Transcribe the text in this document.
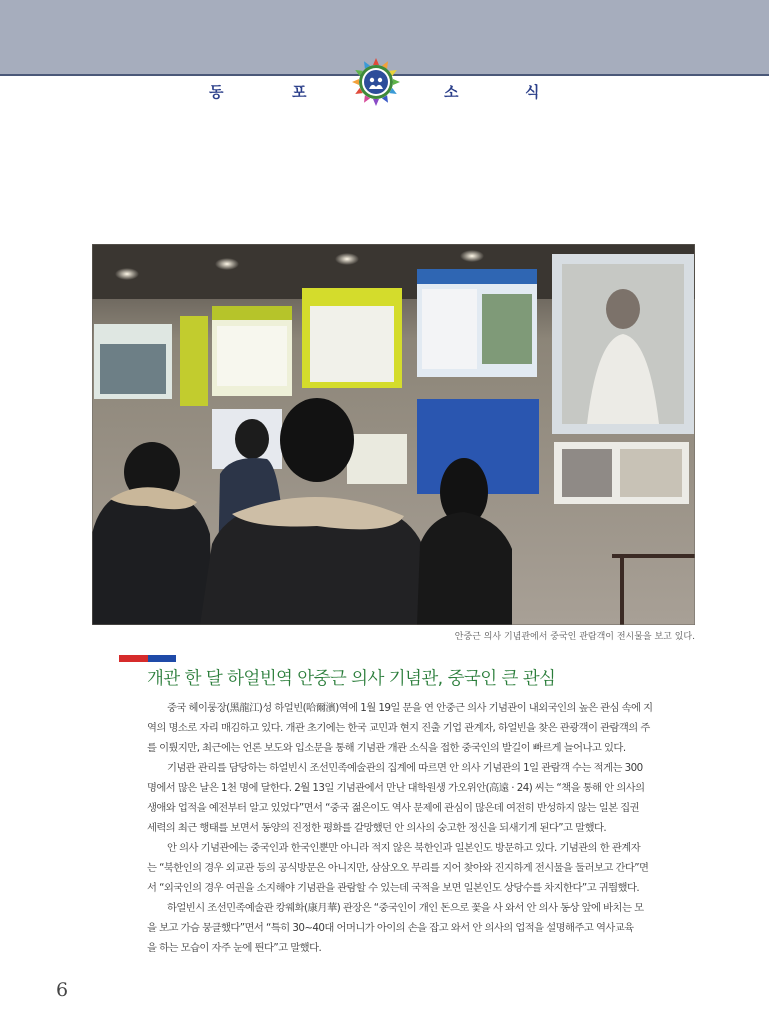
동	포	소	식
안중근 의사 기념관에서 중국인 관람객이 전시물을 보고 있다.
개관 한 달 하얼빈역 안중근 의사 기념관, 중국인 큰 관심
중국 헤이룽장(黑龍江)성 하얼빈(哈爾濱)역에 1월 19일 문을 연 안중근 의사 기념관이 내외국인의 높은 관심 속에 지
역의 명소로 자리 매김하고 있다. 개관 초기에는 한국 교민과 현지 진출 기업 관계자, 하얼빈을 찾은 관광객이 관람객의 주
를 이뤘지만, 최근에는 언론 보도와 입소문을 통해 기념관 개관 소식을 접한 중국인의 발길이 빠르게 늘어나고 있다.
기념관 관리를 담당하는 하얼빈시 조선민족예술관의 집계에 따르면 안 의사 기념관의 1일 관람객 수는 적게는 300
명에서 많은 날은 1천 명에 달한다. 2월 13일 기념관에서 만난 대학원생 가오위안(高遠 · 24) 씨는 “책을 통해 안 의사의
생애와 업적을 예전부터 알고 있었다”면서 “중국 젊은이도 역사 문제에 관심이 많은데 여전히 반성하지 않는 일본 집권
세력의 최근 행태를 보면서 동양의 진정한 평화를 갈망했던 안 의사의 숭고한 정신을 되새기게 된다”고 말했다.
안 의사 기념관에는 중국인과 한국인뿐만 아니라 적지 않은 북한인과 일본인도 방문하고 있다. 기념관의 한 관계자
는 “북한인의 경우 외교관 등의 공식방문은 아니지만, 삼삼오오 무리를 지어 찾아와 진지하게 전시물을 둘러보고 간다”면
서 “외국인의 경우 여권을 소지해야 기념관을 관람할 수 있는데 국적을 보면 일본인도 상당수를 차지한다”고 귀띔했다.
하얼빈시 조선민족예술관 캉웨화(康月華) 관장은 “중국인이 개인 돈으로 꽃을 사 와서 안 의사 동상 앞에 바치는 모
을 보고 가슴 뭉클했다”면서 “특히 30~40대 어머니가 아이의 손을 잡고 와서 안 의사의 업적을 설명해주고 역사교육
을 하는 모습이 자주 눈에 띈다”고 말했다.
6
